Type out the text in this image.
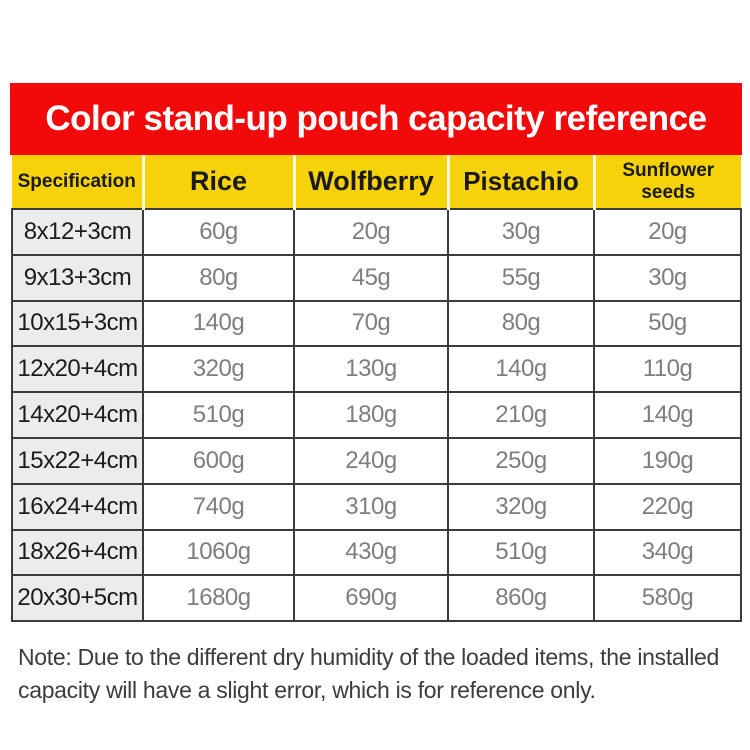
Color stand-up pouch capacity reference
Specification	Rice	Wolfberry	Pistachio	Sunflower seeds
8x12+3cm	60g	20g	30g	20g
9x13+3cm	80g	45g	55g	30g
10x15+3cm	140g	70g	80g	50g
12x20+4cm	320g	130g	140g	110g
14x20+4cm	510g	180g	210g	140g
15x22+4cm	600g	240g	250g	190g
16x24+4cm	740g	310g	320g	220g
18x26+4cm	1060g	430g	510g	340g
20x30+5cm	1680g	690g	860g	580g
Note: Due to the different dry humidity of the loaded items, the installed
capacity will have a slight error, which is for reference only.
